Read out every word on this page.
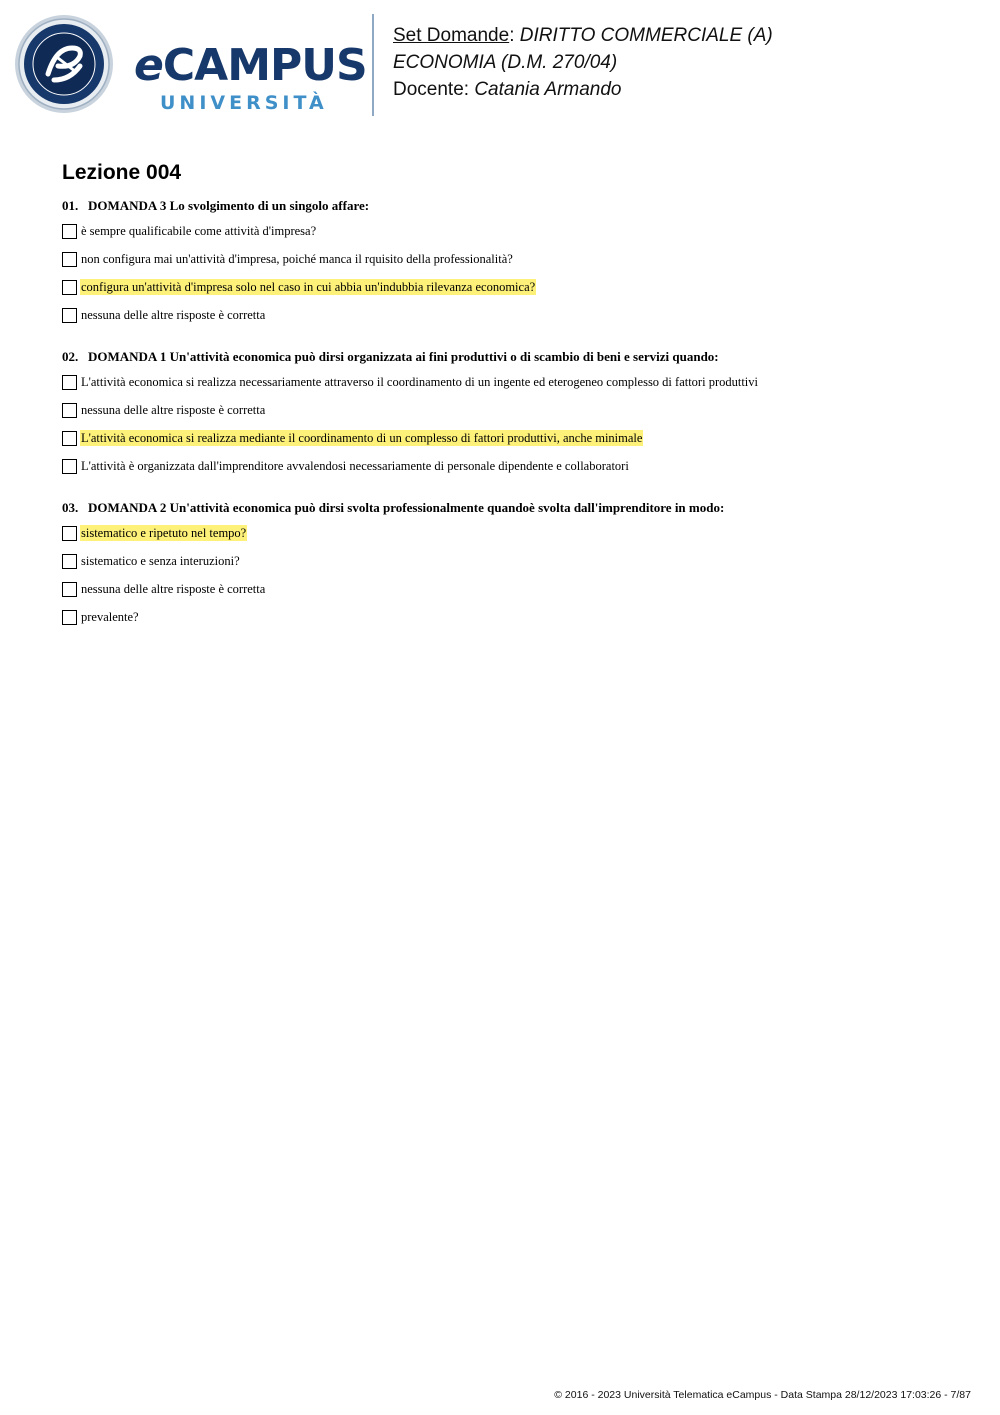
eCAMPUS
UNIVERSITÀ
Set Domande: DIRITTO COMMERCIALE (A)
ECONOMIA (D.M. 270/04)
Docente: Catania Armando
Lezione 004
01. DOMANDA 3 Lo svolgimento di un singolo affare:
è sempre qualificabile come attività d'impresa?
non configura mai un'attività d'impresa, poiché manca il rquisito della professionalità?
configura un'attività d'impresa solo nel caso in cui abbia un'indubbia rilevanza economica?
nessuna delle altre risposte è corretta
02. DOMANDA 1 Un'attività economica può dirsi organizzata ai fini produttivi o di scambio di beni e servizi quando:
L'attività economica si realizza necessariamente attraverso il coordinamento di un ingente ed eterogeneo complesso di fattori produttivi
nessuna delle altre risposte è corretta
L'attività economica si realizza mediante il coordinamento di un complesso di fattori produttivi, anche minimale
L'attività è organizzata dall'imprenditore avvalendosi necessariamente di personale dipendente e collaboratori
03. DOMANDA 2 Un'attività economica può dirsi svolta professionalmente quandoè svolta dall'imprenditore in modo:
sistematico e ripetuto nel tempo?
sistematico e senza interuzioni?
nessuna delle altre risposte è corretta
prevalente?
© 2016 - 2023 Università Telematica eCampus - Data Stampa 28/12/2023 17:03:26 - 7/87
